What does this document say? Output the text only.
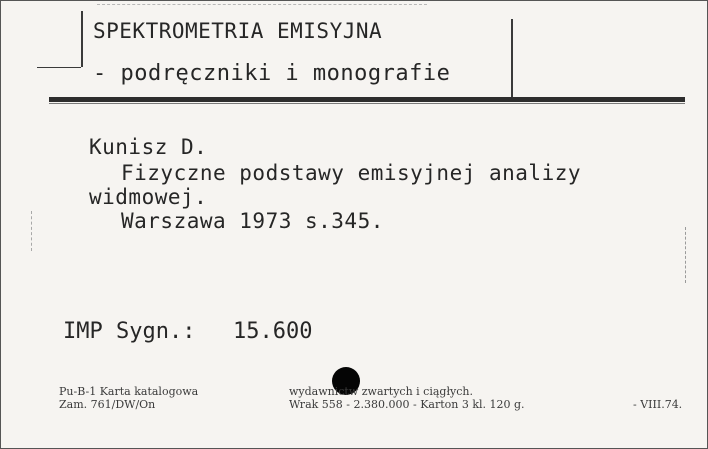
SPEKTROMETRIA EMISYJNA
- podręczniki i monografie
Kunisz D.
Fizyczne podstawy emisyjnej analizy
widmowej.
Warszawa 1973 s.345.
IMP Sygn.: 15.600
Pu-B-1 Karta katalogowa
Zam. 761/DW/On
wydawnictw zwartych i ciągłych.
Wrak 558 - 2.380.000 - Karton 3 kl. 120 g.	- VIII.74.
